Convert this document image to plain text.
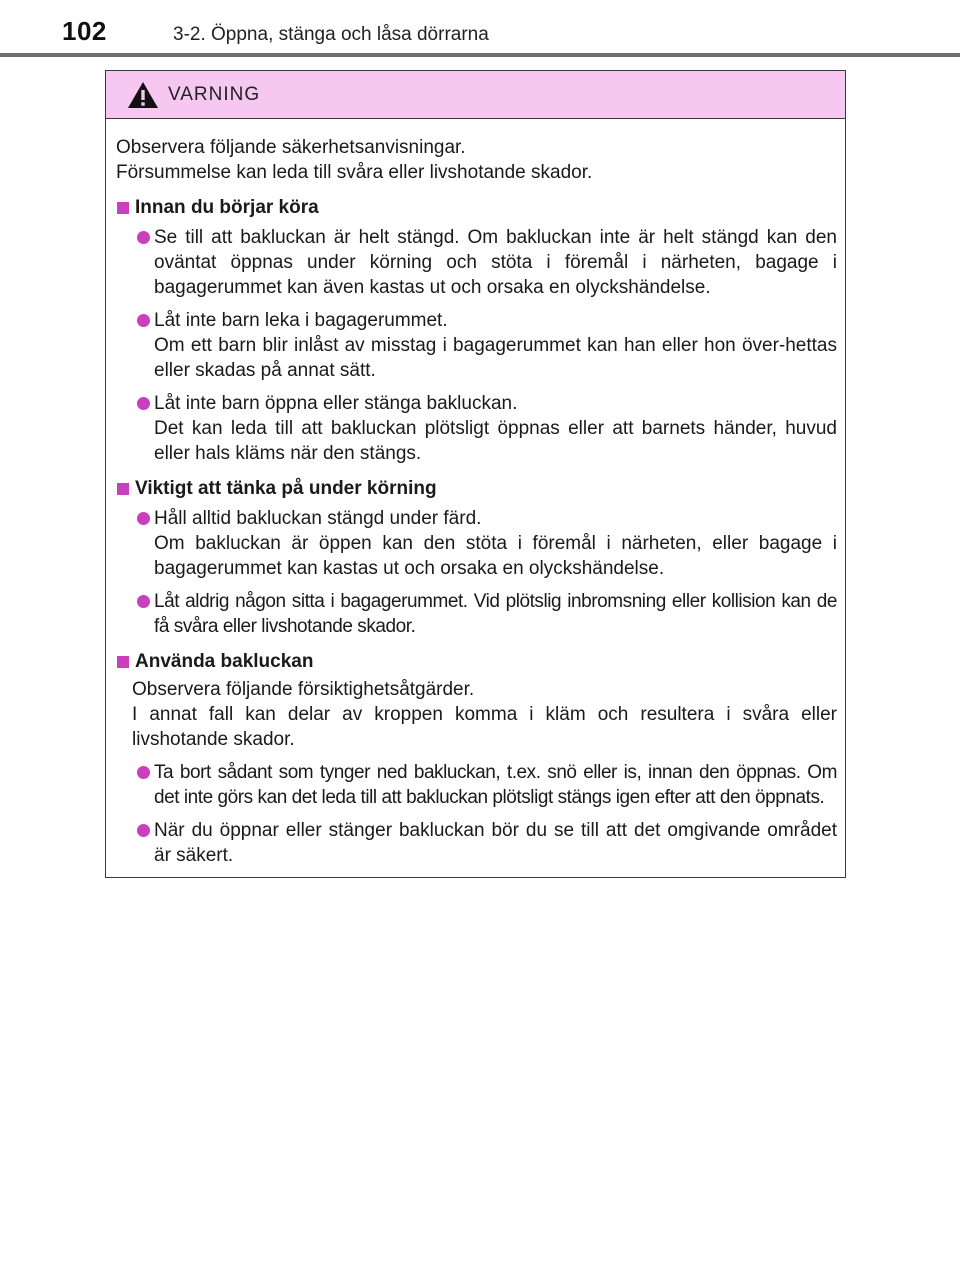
102	3-2. Öppna, stänga och låsa dörrarna
VARNING

Observera följande säkerhetsanvisningar.

Försummelse kan leda till svåra eller livshotande skador.

Innan du börjar köra

Se till att bakluckan är helt stängd. Om bakluckan inte är helt stängd kan den oväntat öppnas under körning och stöta i föremål i närheten, bagage i bagagerummet kan även kastas ut och orsaka en olyckshändelse.

Låt inte barn leka i bagagerummet.

Om ett barn blir inlåst av misstag i bagagerummet kan han eller hon över-hettas eller skadas på annat sätt.

Låt inte barn öppna eller stänga bakluckan.

Det kan leda till att bakluckan plötsligt öppnas eller att barnets händer, huvud eller hals kläms när den stängs.

Viktigt att tänka på under körning

Håll alltid bakluckan stängd under färd.

Om bakluckan är öppen kan den stöta i föremål i närheten, eller bagage i bagagerummet kan kastas ut och orsaka en olyckshändelse.

Låt aldrig någon sitta i bagagerummet. Vid plötslig inbromsning eller kollision kan de få svåra eller livshotande skador.

Använda bakluckan

Observera följande försiktighetsåtgärder.

I annat fall kan delar av kroppen komma i kläm och resultera i svåra eller livshotande skador.

Ta bort sådant som tynger ned bakluckan, t.ex. snö eller is, innan den öppnas. Om det inte görs kan det leda till att bakluckan plötsligt stängs igen efter att den öppnats.

När du öppnar eller stänger bakluckan bör du se till att det omgivande området är säkert.
